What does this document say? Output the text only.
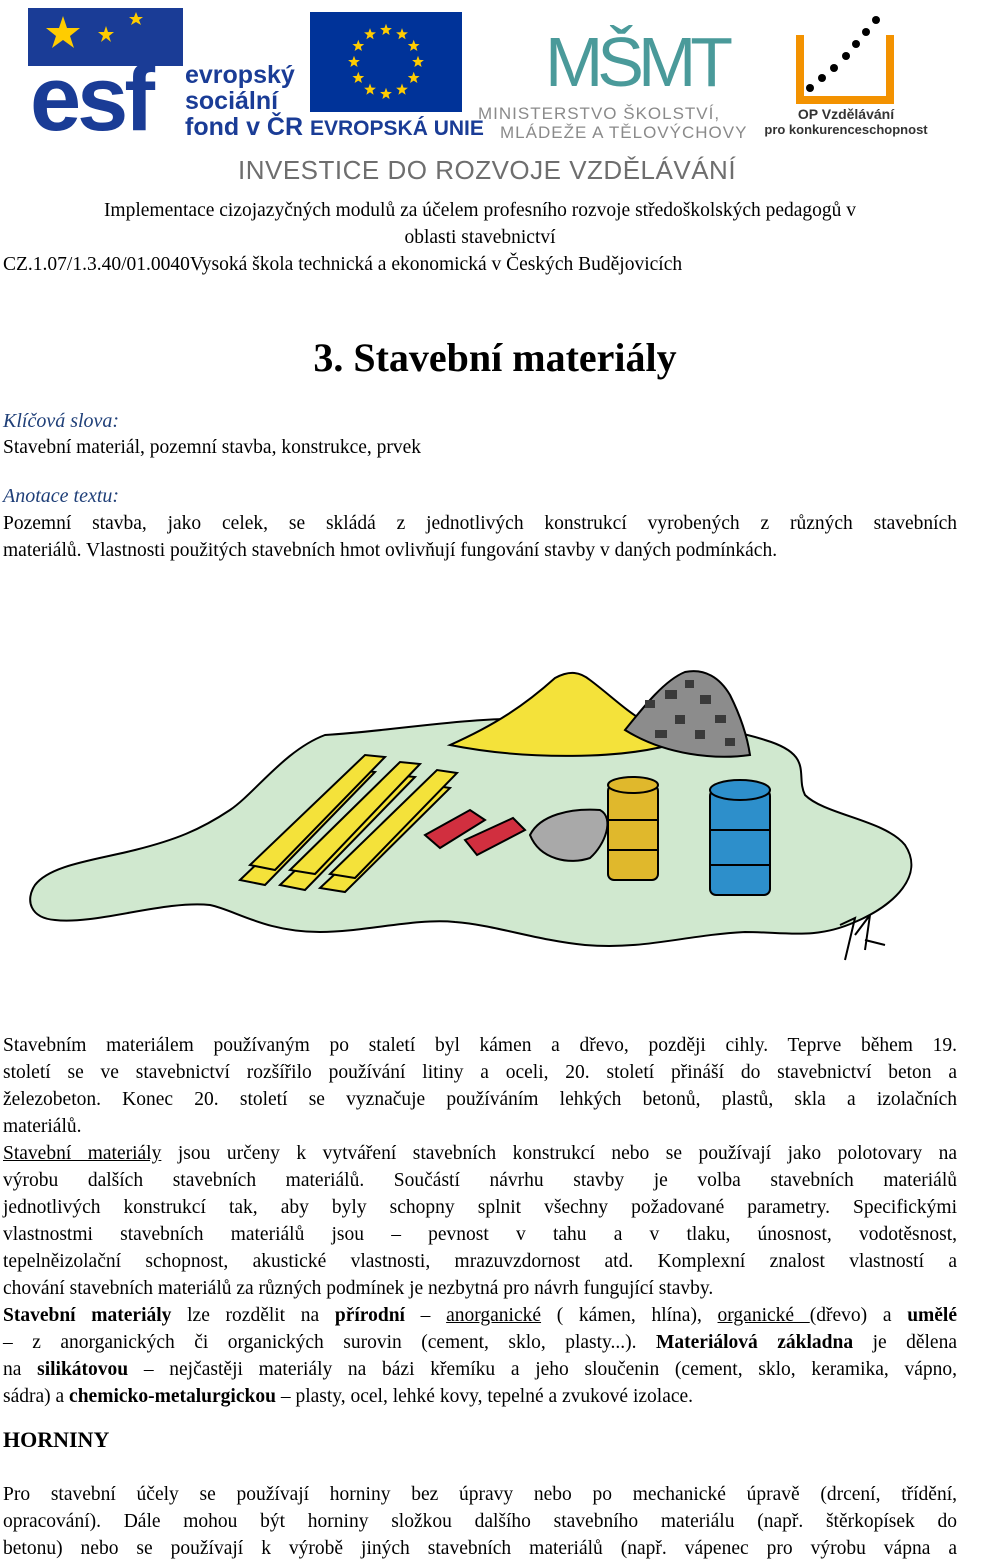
esf evropský
sociální
fond v ČR EVROPSKÁ UNIE
MŠMT
MINISTERSTVO ŠKOLSTVÍ,
MLÁDEŽE A TĚLOVÝCHOVY
2007-13
OP Vzdělávání
pro konkurenceschopnost
INVESTICE DO ROZVOJE VZDĚLÁVÁNÍ
Implementace cizojazyčných modulů za účelem profesního rozvoje středoškolských pedagogů v
oblasti stavebnictví
CZ.1.07/1.3.40/01.0040Vysoká škola technická a ekonomická v Českých Budějovicích
3. Stavební materiály
Klíčová slova:
Stavební materiál, pozemní stavba, konstrukce, prvek
Anotace textu:
Pozemní stavba, jako celek, se skládá z jednotlivých konstrukcí vyrobených z různých stavebních
materiálů. Vlastnosti použitých stavebních hmot ovlivňují fungování stavby v daných podmínkách.
Stavebním materiálem používaným po staletí byl kámen a dřevo, později cihly. Teprve během 19.
století se ve stavebnictví rozšířilo používání litiny a oceli, 20. století přináší do stavebnictví beton a
železobeton. Konec 20. století se vyznačuje používáním lehkých betonů, plastů, skla a izolačních
materiálů.
Stavební materiály jsou určeny k vytváření stavebních konstrukcí nebo se používají jako polotovary na
výrobu dalších stavebních materiálů. Součástí návrhu stavby je volba stavebních materiálů
jednotlivých konstrukcí tak, aby byly schopny splnit všechny požadované parametry. Specifickými
vlastnostmi stavebních materiálů jsou – pevnost v tahu a v tlaku, únosnost, vodotěsnost,
tepelněizolační schopnost, akustické vlastnosti, mrazuvzdornost atd. Komplexní znalost vlastností a
chování stavebních materiálů za různých podmínek je nezbytná pro návrh fungující stavby.
Stavební materiály lze rozdělit na přírodní – anorganické ( kámen, hlína), organické (dřevo) a umělé
– z anorganických či organických surovin (cement, sklo, plasty...). Materiálová základna je dělena
na silikátovou – nejčastěji materiály na bázi křemíku a jeho sloučenin (cement, sklo, keramika, vápno,
sádra) a chemicko-metalurgickou – plasty, ocel, lehké kovy, tepelné a zvukové izolace.
HORNINY
Pro stavební účely se používají horniny bez úpravy nebo po mechanické úpravě (drcení, třídění,
opracování). Dále mohou být horniny složkou dalšího stavebního materiálu (např. štěrkopísek do
betonu) nebo se používají k výrobě jiných stavebních materiálů (např. vápenec pro výrobu vápna a
